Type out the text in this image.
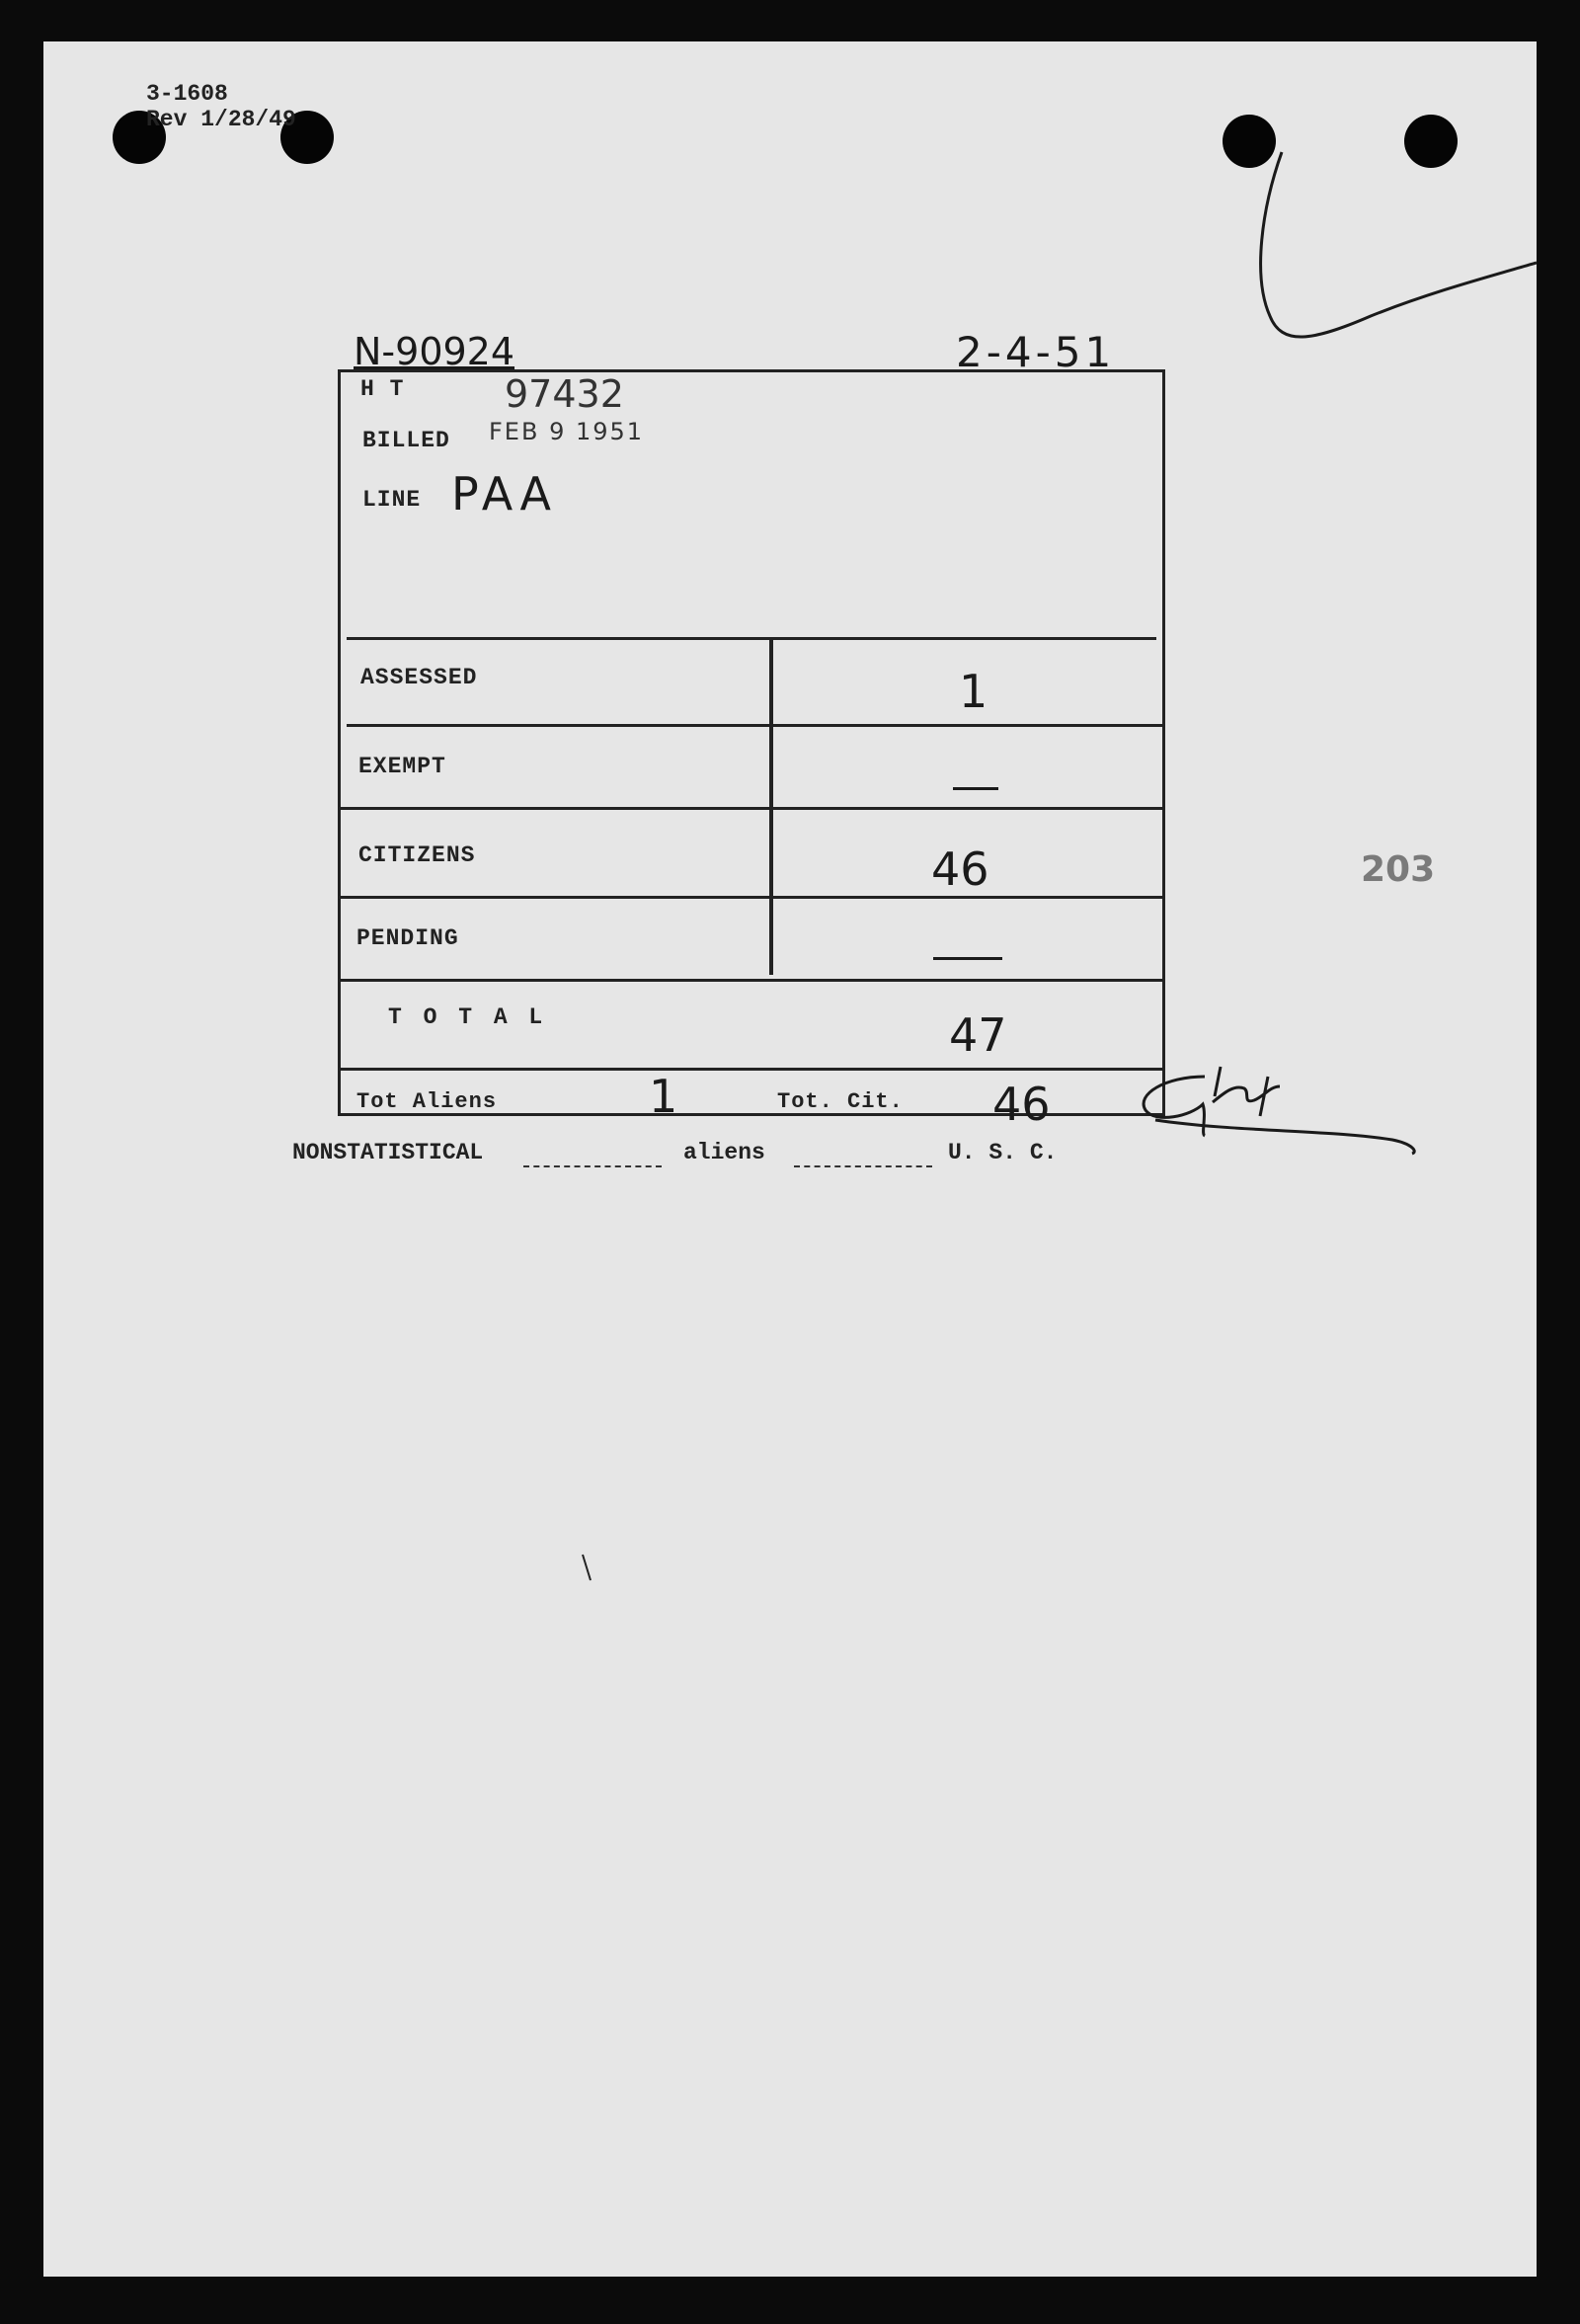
3-1608
Rev 1/28/49
N-90924	2-4-51
H T	97432
BILLED FEB 9 1951
LINE PAA
ASSESSED	1
EXEMPT
CITIZENS	46
PENDING
T O T A L	47
Tot Aliens	1	Tot. Cit. 46
203
NONSTATISTICAL	aliens	U. S. C.
